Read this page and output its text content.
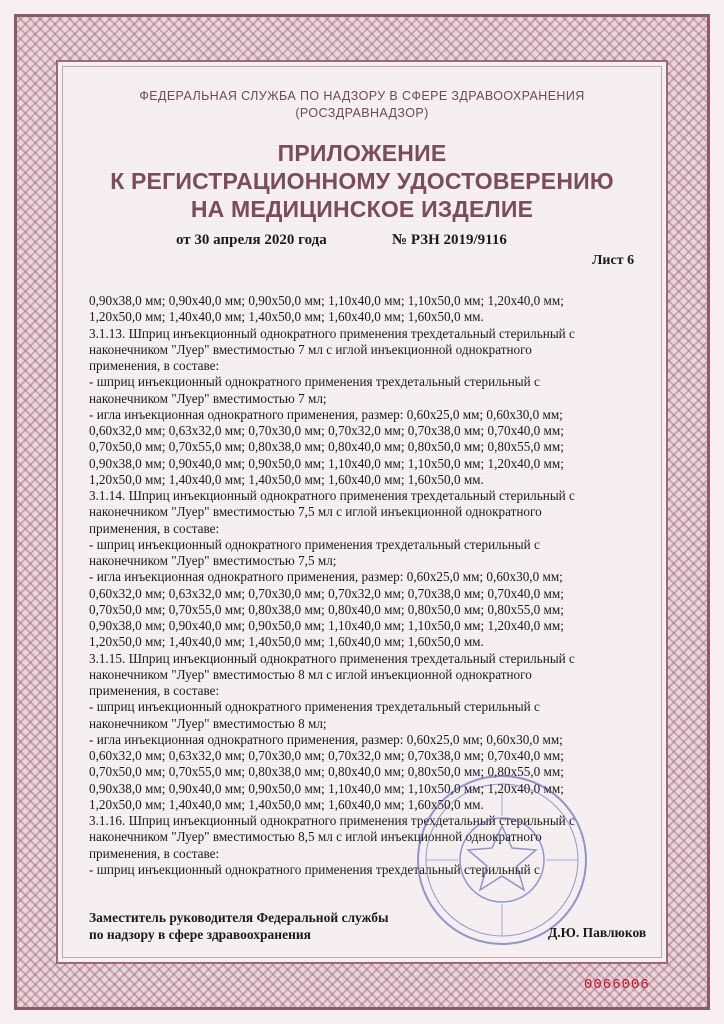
ФЕДЕРАЛЬНАЯ СЛУЖБА ПО НАДЗОРУ В СФЕРЕ ЗДРАВООХРАНЕНИЯ
(РОСЗДРАВНАДЗОР)
ПРИЛОЖЕНИЕ
К РЕГИСТРАЦИОННОМУ УДОСТОВЕРЕНИЮ
НА МЕДИЦИНСКОЕ ИЗДЕЛИЕ
от 30 апреля 2020 года	№ РЗН 2019/9116
Лист 6
0,90x38,0 мм; 0,90x40,0 мм; 0,90x50,0 мм; 1,10x40,0 мм; 1,10x50,0 мм; 1,20x40,0 мм;
1,20x50,0 мм; 1,40x40,0 мм; 1,40x50,0 мм; 1,60x40,0 мм; 1,60x50,0 мм.
3.1.13. Шприц инъекционный однократного применения трехдетальный стерильный с
наконечником "Луер" вместимостью 7 мл с иглой инъекционной однократного
применения, в составе:
- шприц инъекционный однократного применения трехдетальный стерильный с
наконечником "Луер" вместимостью 7 мл;
- игла инъекционная однократного применения, размер: 0,60x25,0 мм; 0,60x30,0 мм;
0,60x32,0 мм; 0,63x32,0 мм; 0,70x30,0 мм; 0,70x32,0 мм; 0,70x38,0 мм; 0,70x40,0 мм;
0,70x50,0 мм; 0,70x55,0 мм; 0,80x38,0 мм; 0,80x40,0 мм; 0,80x50,0 мм; 0,80x55,0 мм;
0,90x38,0 мм; 0,90x40,0 мм; 0,90x50,0 мм; 1,10x40,0 мм; 1,10x50,0 мм; 1,20x40,0 мм;
1,20x50,0 мм; 1,40x40,0 мм; 1,40x50,0 мм; 1,60x40,0 мм; 1,60x50,0 мм.
3.1.14. Шприц инъекционный однократного применения трехдетальный стерильный с
наконечником "Луер" вместимостью 7,5 мл с иглой инъекционной однократного
применения, в составе:
- шприц инъекционный однократного применения трехдетальный стерильный с
наконечником "Луер" вместимостью 7,5 мл;
- игла инъекционная однократного применения, размер: 0,60x25,0 мм; 0,60x30,0 мм;
0,60x32,0 мм; 0,63x32,0 мм; 0,70x30,0 мм; 0,70x32,0 мм; 0,70x38,0 мм; 0,70x40,0 мм;
0,70x50,0 мм; 0,70x55,0 мм; 0,80x38,0 мм; 0,80x40,0 мм; 0,80x50,0 мм; 0,80x55,0 мм;
0,90x38,0 мм; 0,90x40,0 мм; 0,90x50,0 мм; 1,10x40,0 мм; 1,10x50,0 мм; 1,20x40,0 мм;
1,20x50,0 мм; 1,40x40,0 мм; 1,40x50,0 мм; 1,60x40,0 мм; 1,60x50,0 мм.
3.1.15. Шприц инъекционный однократного применения трехдетальный стерильный с
наконечником "Луер" вместимостью 8 мл с иглой инъекционной однократного
применения, в составе:
- шприц инъекционный однократного применения трехдетальный стерильный с
наконечником "Луер" вместимостью 8 мл;
- игла инъекционная однократного применения, размер: 0,60x25,0 мм; 0,60x30,0 мм;
0,60x32,0 мм; 0,63x32,0 мм; 0,70x30,0 мм; 0,70x32,0 мм; 0,70x38,0 мм; 0,70x40,0 мм;
0,70x50,0 мм; 0,70x55,0 мм; 0,80x38,0 мм; 0,80x40,0 мм; 0,80x50,0 мм; 0,80x55,0 мм;
0,90x38,0 мм; 0,90x40,0 мм; 0,90x50,0 мм; 1,10x40,0 мм; 1,10x50,0 мм; 1,20x40,0 мм;
1,20x50,0 мм; 1,40x40,0 мм; 1,40x50,0 мм; 1,60x40,0 мм; 1,60x50,0 мм.
3.1.16. Шприц инъекционный однократного применения трехдетальный стерильный с
наконечником "Луер" вместимостью 8,5 мл с иглой инъекционной однократного
применения, в составе:
- шприц инъекционный однократного применения трехдетальный стерильный с
Заместитель руководителя Федеральной службы
по надзору в сфере здравоохранения	Д.Ю. Павлюков
0066006
